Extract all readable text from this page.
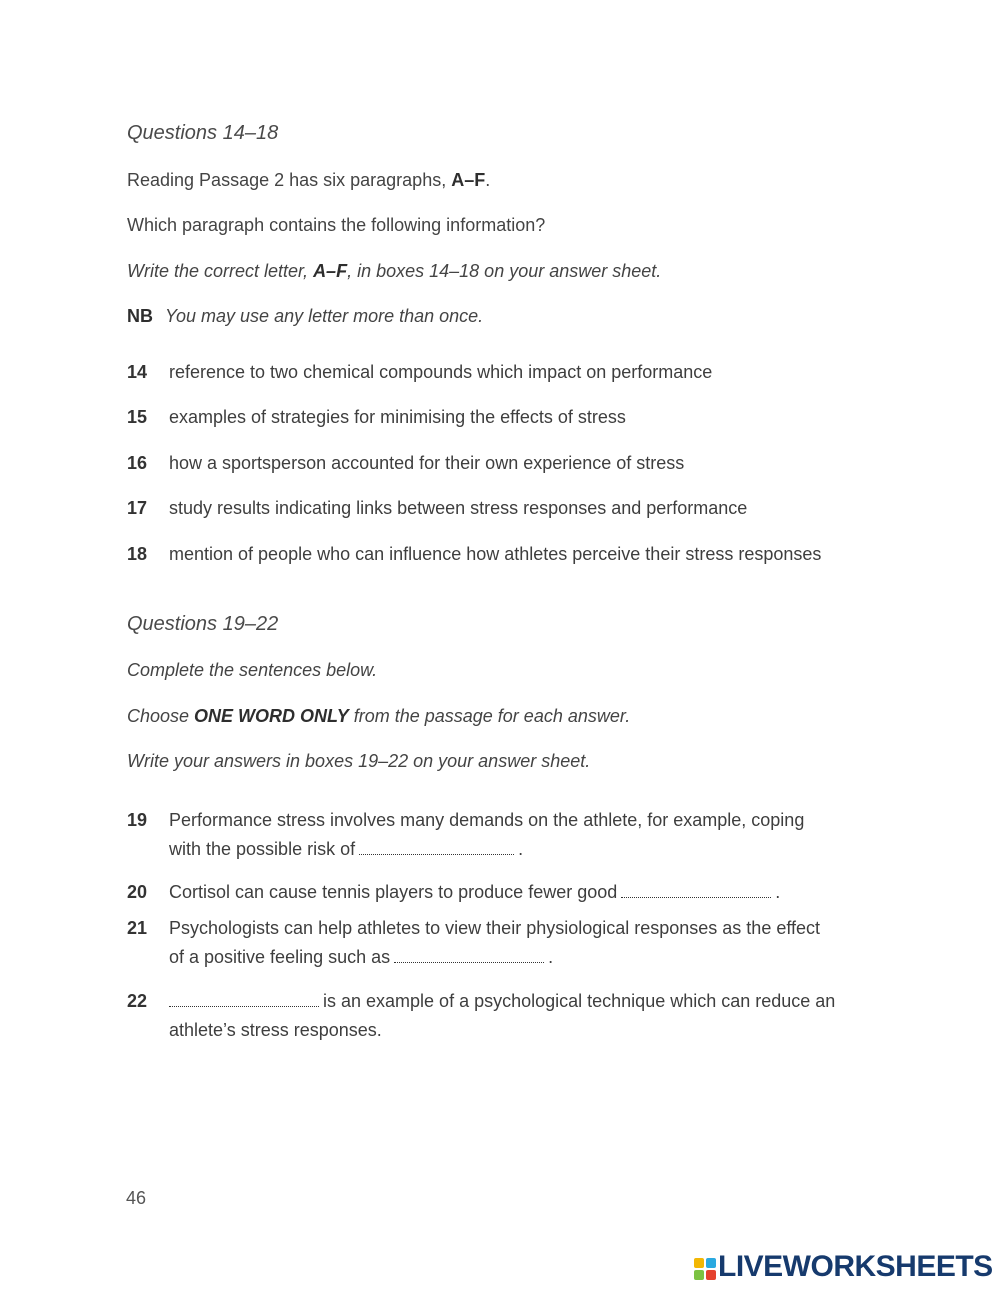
Questions 14–18
Reading Passage 2 has six paragraphs, A–F.
Which paragraph contains the following information?
Write the correct letter, A–F, in boxes 14–18 on your answer sheet.
NB You may use any letter more than once.
14 reference to two chemical compounds which impact on performance
15 examples of strategies for minimising the effects of stress
16 how a sportsperson accounted for their own experience of stress
17 study results indicating links between stress responses and performance
18 mention of people who can influence how athletes perceive their stress responses
Questions 19–22
Complete the sentences below.
Choose ONE WORD ONLY from the passage for each answer.
Write your answers in boxes 19–22 on your answer sheet.
19 Performance stress involves many demands on the athlete, for example, coping
with the possible risk of	.
20 Cortisol can cause tennis players to produce fewer good	.
21 Psychologists can help athletes to view their physiological responses as the effect
of a positive feeling such as	.
22	is an example of a psychological technique which can reduce an
athlete’s stress responses.
46
LIVEWORKSHEETS
